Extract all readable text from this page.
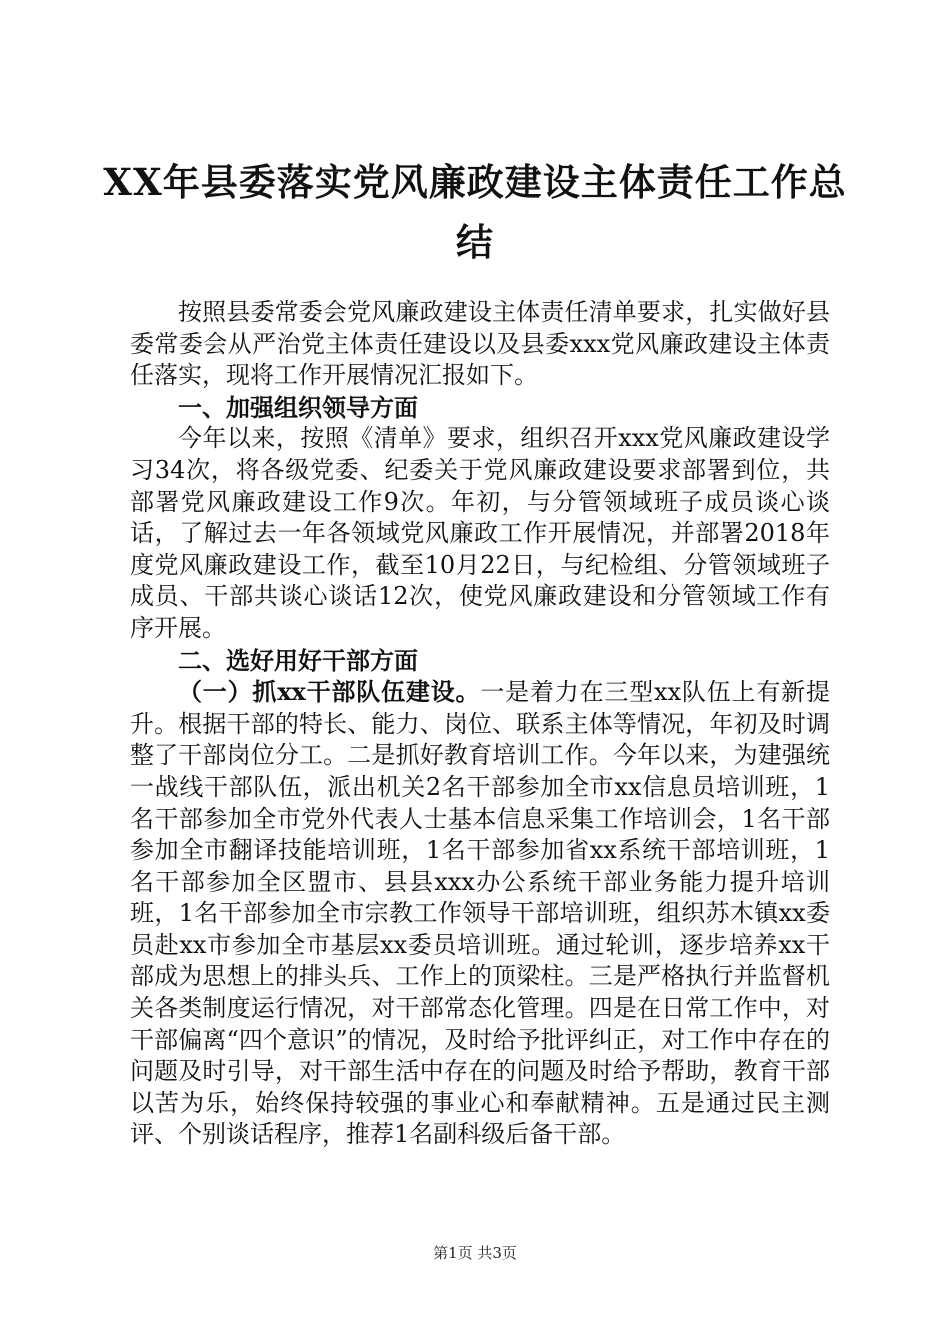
XX年县委落实党风廉政建设主体责任工作总
结

按照县委常委会党风廉政建设主体责任清单要求，扎实做好县委常委会从严治党主体责任建设以及县委xxx党风廉政建设主体责任落实，现将工作开展情况汇报如下。

一、加强组织领导方面

今年以来，按照《清单》要求，组织召开xxx党风廉政建设学习34次，将各级党委、纪委关于党风廉政建设要求部署到位，共部署党风廉政建设工作9次。年初，与分管领域班子成员谈心谈话，了解过去一年各领域党风廉政工作开展情况，并部署2018年度党风廉政建设工作，截至10月22日，与纪检组、分管领域班子成员、干部共谈心谈话12次，使党风廉政建设和分管领域工作有序开展。

二、选好用好干部方面

（一）抓xx干部队伍建设。一是着力在三型xx队伍上有新提升。根据干部的特长、能力、岗位、联系主体等情况，年初及时调整了干部岗位分工。二是抓好教育培训工作。今年以来，为建强统一战线干部队伍，派出机关2名干部参加全市xx信息员培训班，1名干部参加全市党外代表人士基本信息采集工作培训会，1名干部参加全市翻译技能培训班，1名干部参加省xx系统干部培训班，1名干部参加全区盟市、县县xxx办公系统干部业务能力提升培训班，1名干部参加全市宗教工作领导干部培训班，组织苏木镇xx委员赴xx市参加全市基层xx委员培训班。通过轮训，逐步培养xx干部成为思想上的排头兵、工作上的顶梁柱。三是严格执行并监督机关各类制度运行情况，对干部常态化管理。四是在日常工作中，对干部偏离“四个意识”的情况，及时给予批评纠正，对工作中存在的问题及时引导，对干部生活中存在的问题及时给予帮助，教育干部以苦为乐，始终保持较强的事业心和奉献精神。五是通过民主测评、个别谈话程序，推荐1名副科级后备干部。

第1页 共3页
